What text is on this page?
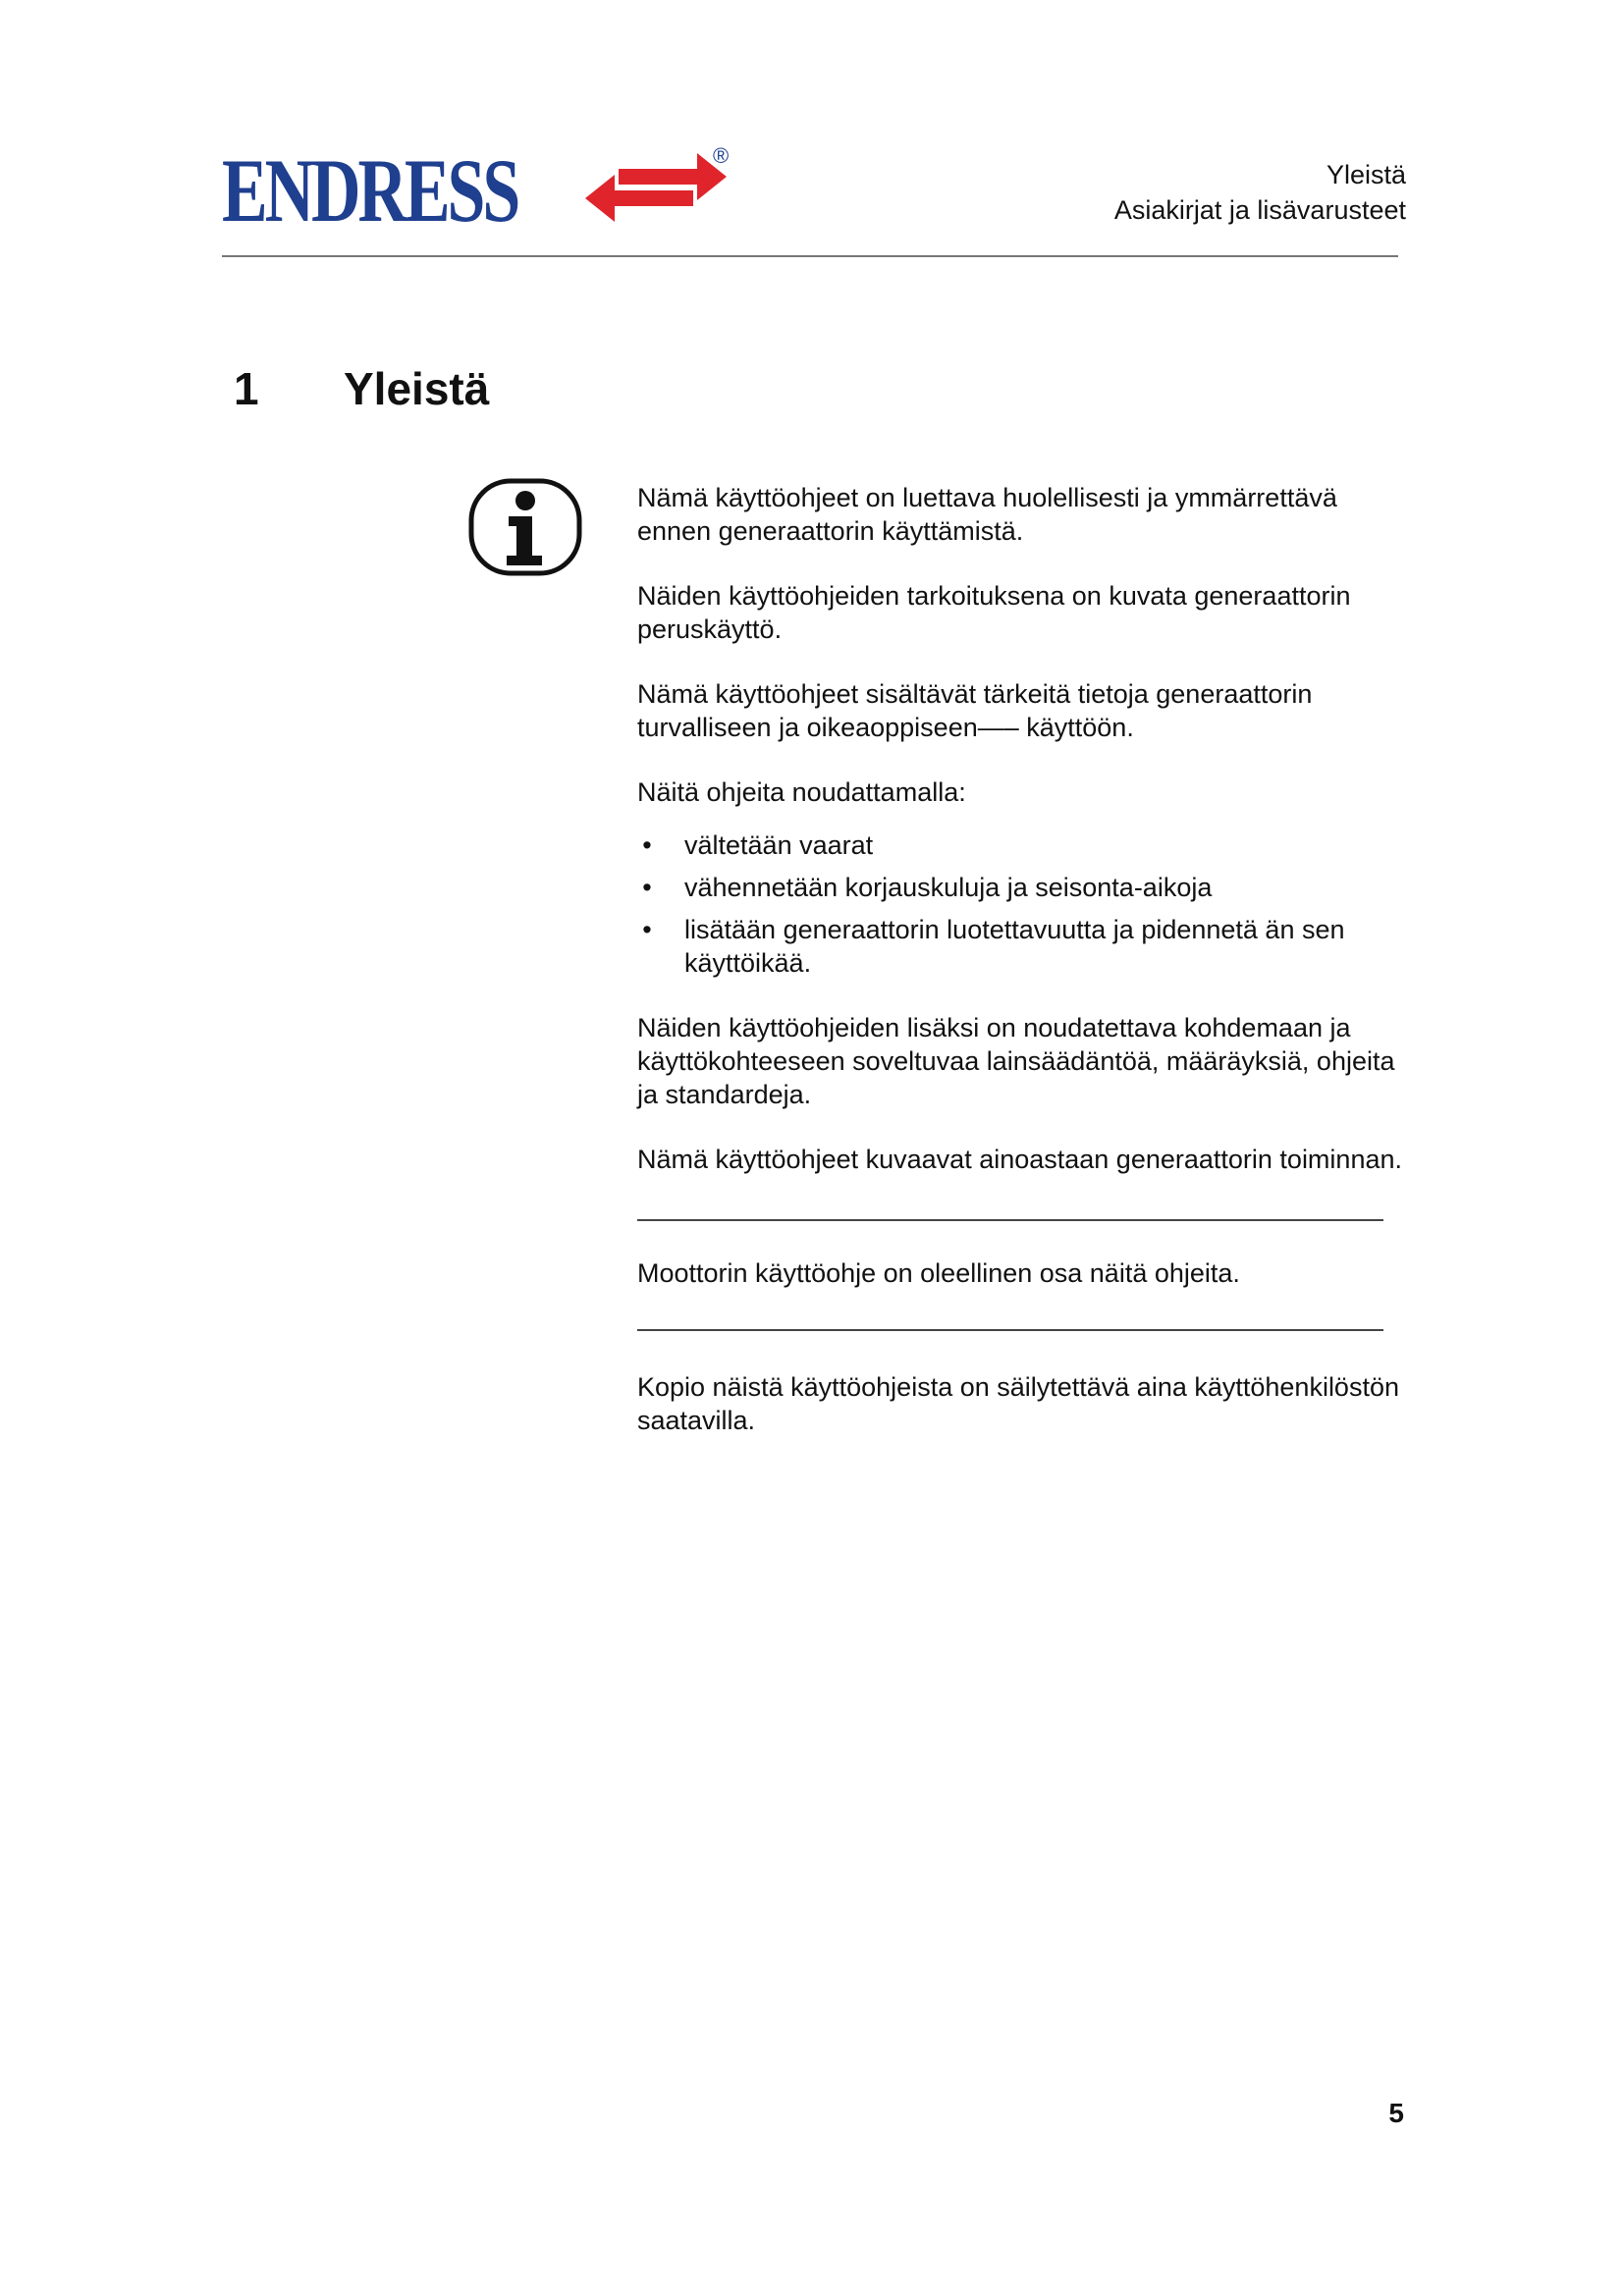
ENDRESS	®
Yleistä
Asiakirjat ja lisävarusteet
1 Yleistä

Nämä käyttöohjeet on luettava huolellisesti ja ymmärrettävä ennen generaattorin käyttämistä.

Näiden käyttöohjeiden tarkoituksena on kuvata generaattorin peruskäyttö.

Nämä käyttöohjeet sisältävät tärkeitä tietoja generaattorin turvalliseen ja oikeaoppiseen—– käyttöön.

Näitä ohjeita noudattamalla:

• vältetään vaarat
• vähennetään korjauskuluja ja seisonta-aikoja
• lisätään generaattorin luotettavuutta ja pidennetä än sen käyttöikää.

Näiden käyttöohjeiden lisäksi on noudatettava kohdemaan ja käyttökohteeseen soveltuvaa lainsäädäntöä, määräyksiä, ohjeita ja standardeja.

Nämä käyttöohjeet kuvaavat ainoastaan generaattorin toiminnan.

Moottorin käyttöohje on oleellinen osa näitä ohjeita.

Kopio näistä käyttöohjeista on säilytettävä aina käyttöhenkilöstön saatavilla.

5
